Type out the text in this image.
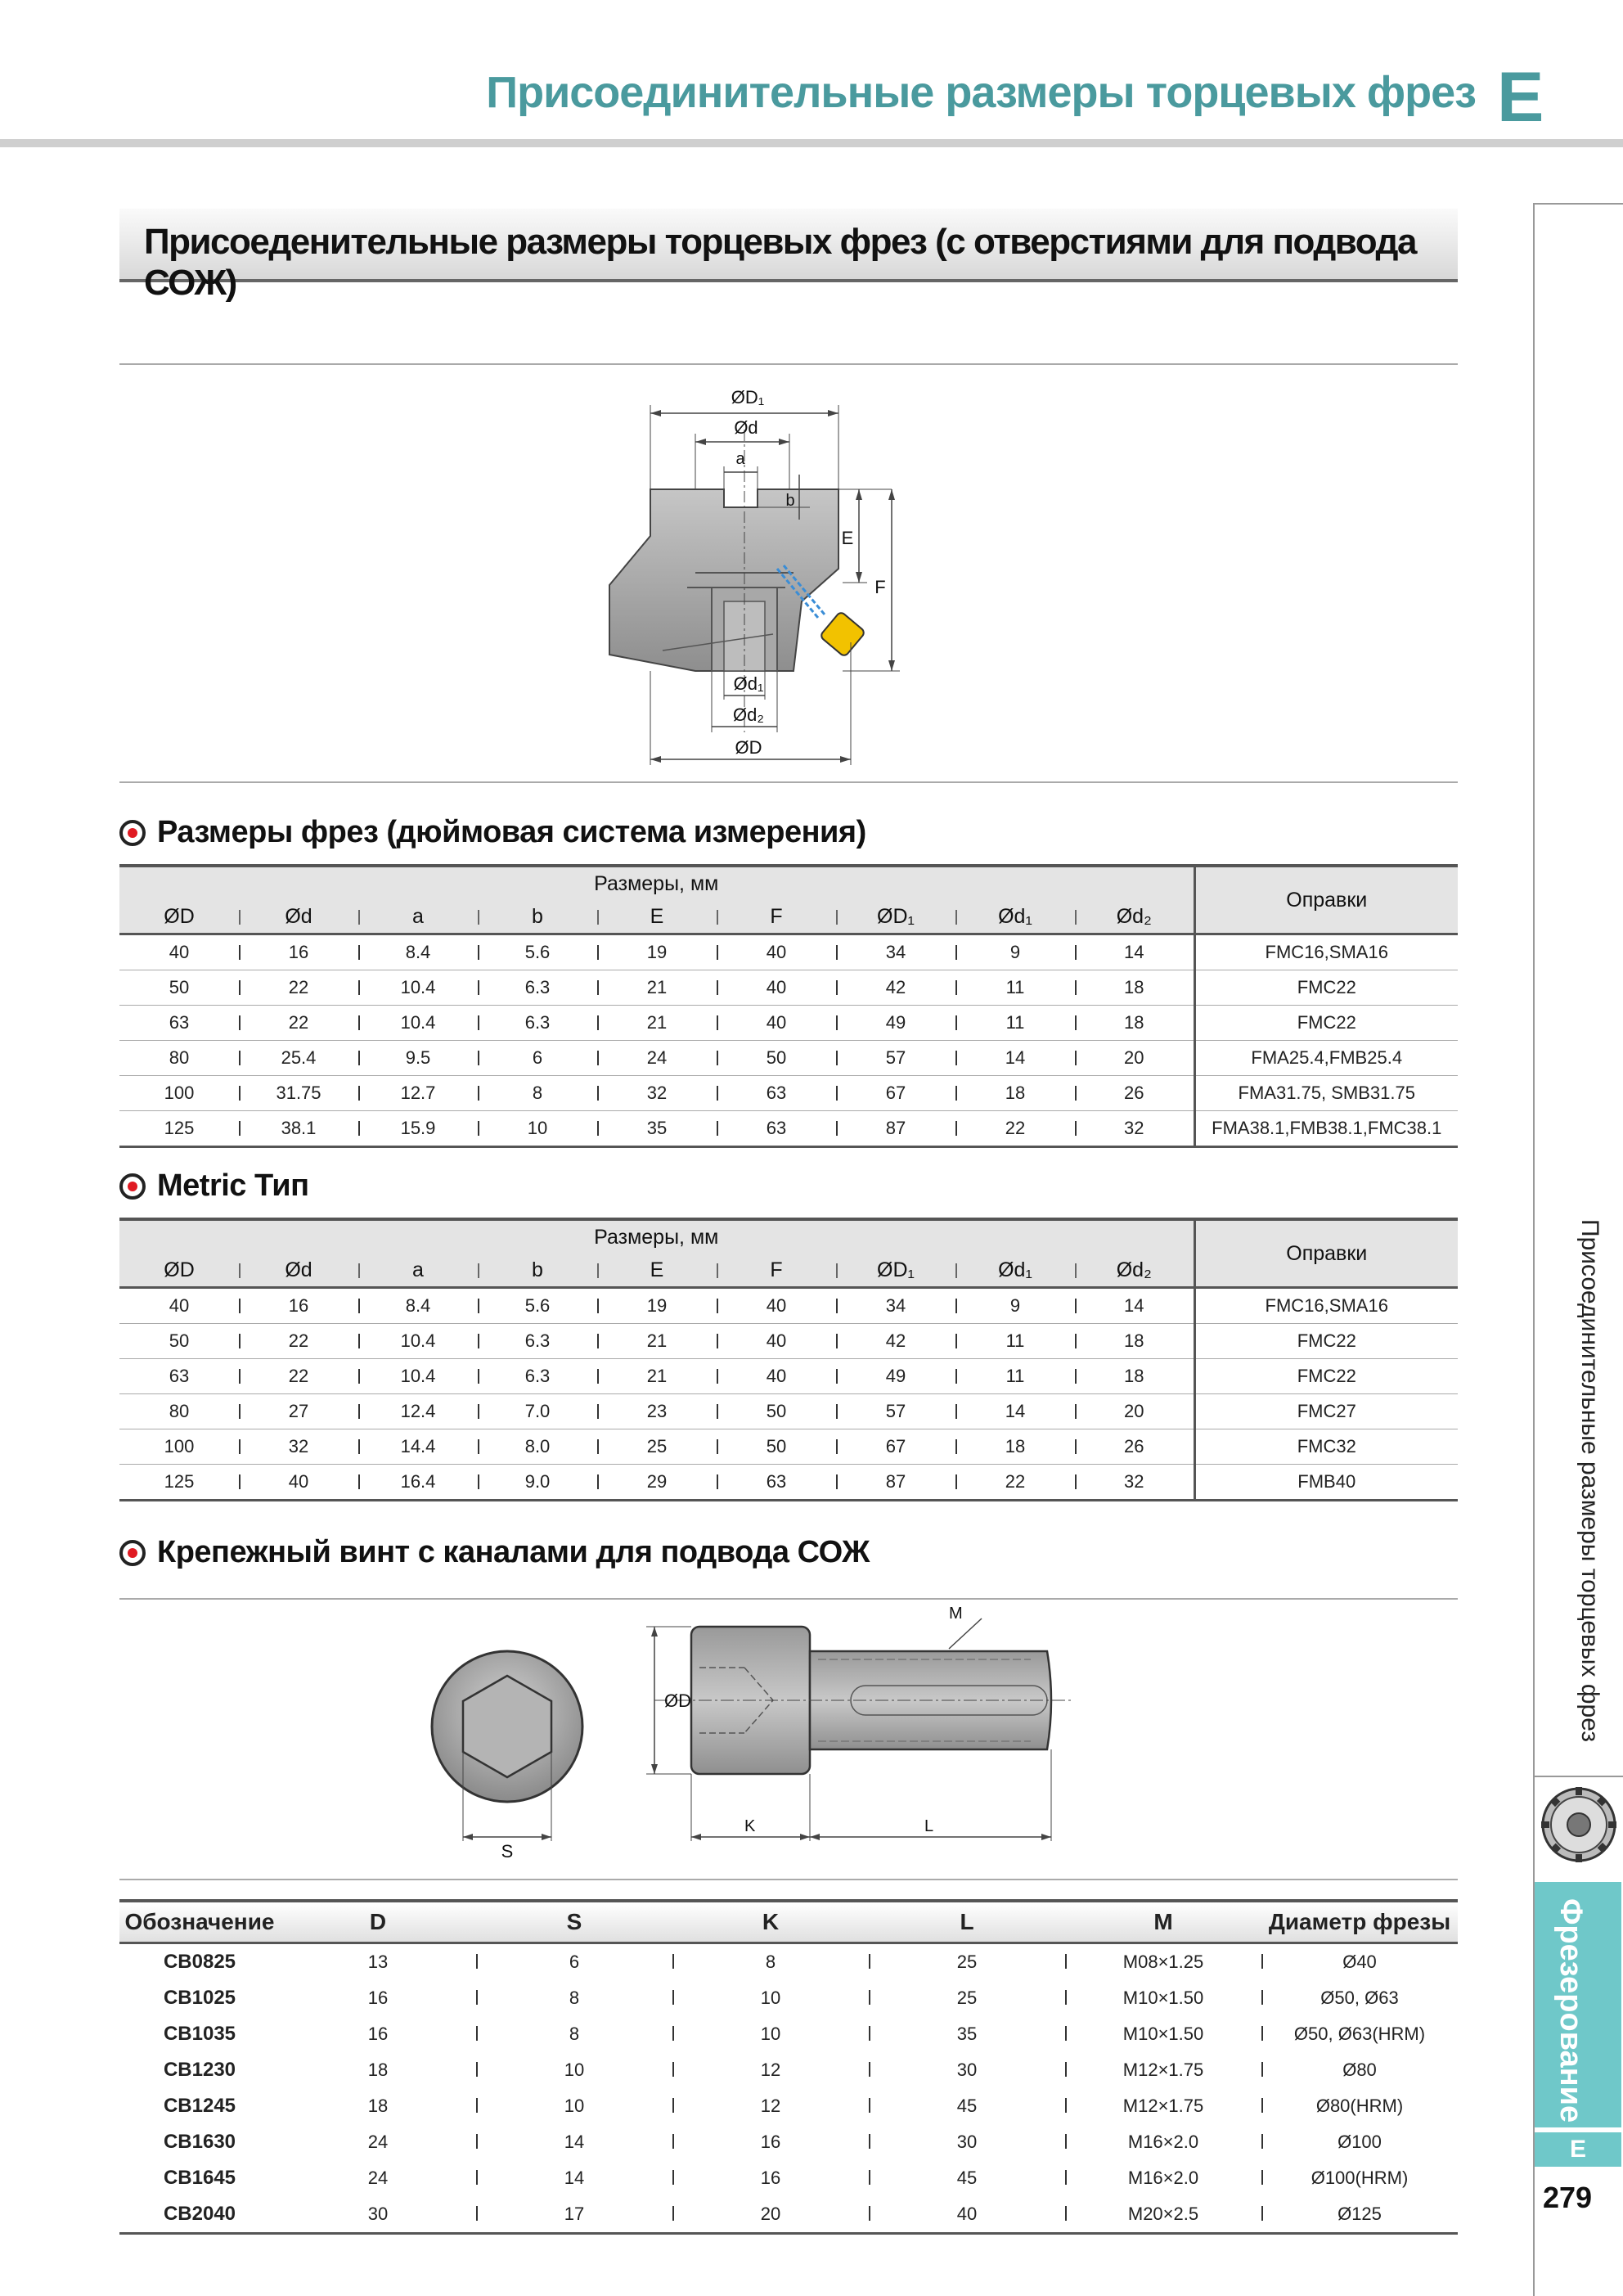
Присоединительные размеры торцевых фрез E
Присоеденительные размеры торцевых фрез (с отверстиями для подвода СОЖ)
ØD₁
Ød
a
b
E
F
Ød₁
Ød₂
ØD
Размеры фрез (дюймовая система измерения)
Размеры, мм									Оправки
ØD	Ød	a	b	E	F	ØD₁	Ød₁	Ød₂	
40	16	8.4	5.6	19	40	34	9	14	FMC16,SMA16
50	22	10.4	6.3	21	40	42	11	18	FMC22
63	22	10.4	6.3	21	40	49	11	18	FMC22
80	25.4	9.5	6	24	50	57	14	20	FMA25.4,FMB25.4
100	31.75	12.7	8	32	63	67	18	26	FMA31.75, SMB31.75
125	38.1	15.9	10	35	63	87	22	32	FMA38.1,FMB38.1,FMC38.1
Metric Тип
Размеры, мм									Оправки
ØD	Ød	a	b	E	F	ØD₁	Ød₁	Ød₂	
40	16	8.4	5.6	19	40	34	9	14	FMC16,SMA16
50	22	10.4	6.3	21	40	42	11	18	FMC22
63	22	10.4	6.3	21	40	49	11	18	FMC22
80	27	12.4	7.0	23	50	57	14	20	FMC27
100	32	14.4	8.0	25	50	67	18	26	FMC32
125	40	16.4	9.0	29	63	87	22	32	FMB40
Крепежный винт с каналами для подвода СОЖ
S
M
ØD
K	L
Обозначение	D	S	K	L	M	Диаметр фрезы
CB0825	13	6	8	25	M08×1.25	Ø40
CB1025	16	8	10	25	M10×1.50	Ø50, Ø63
CB1035	16	8	10	35	M10×1.50	Ø50, Ø63(HRM)
CB1230	18	10	12	30	M12×1.75	Ø80
CB1245	18	10	12	45	M12×1.75	Ø80(HRM)
CB1630	24	14	16	30	M16×2.0	Ø100
CB1645	24	14	16	45	M16×2.0	Ø100(HRM)
CB2040	30	17	20	40	M20×2.5	Ø125
Присоединительные размеры торцевых фрез
Фрезерование
E
279
